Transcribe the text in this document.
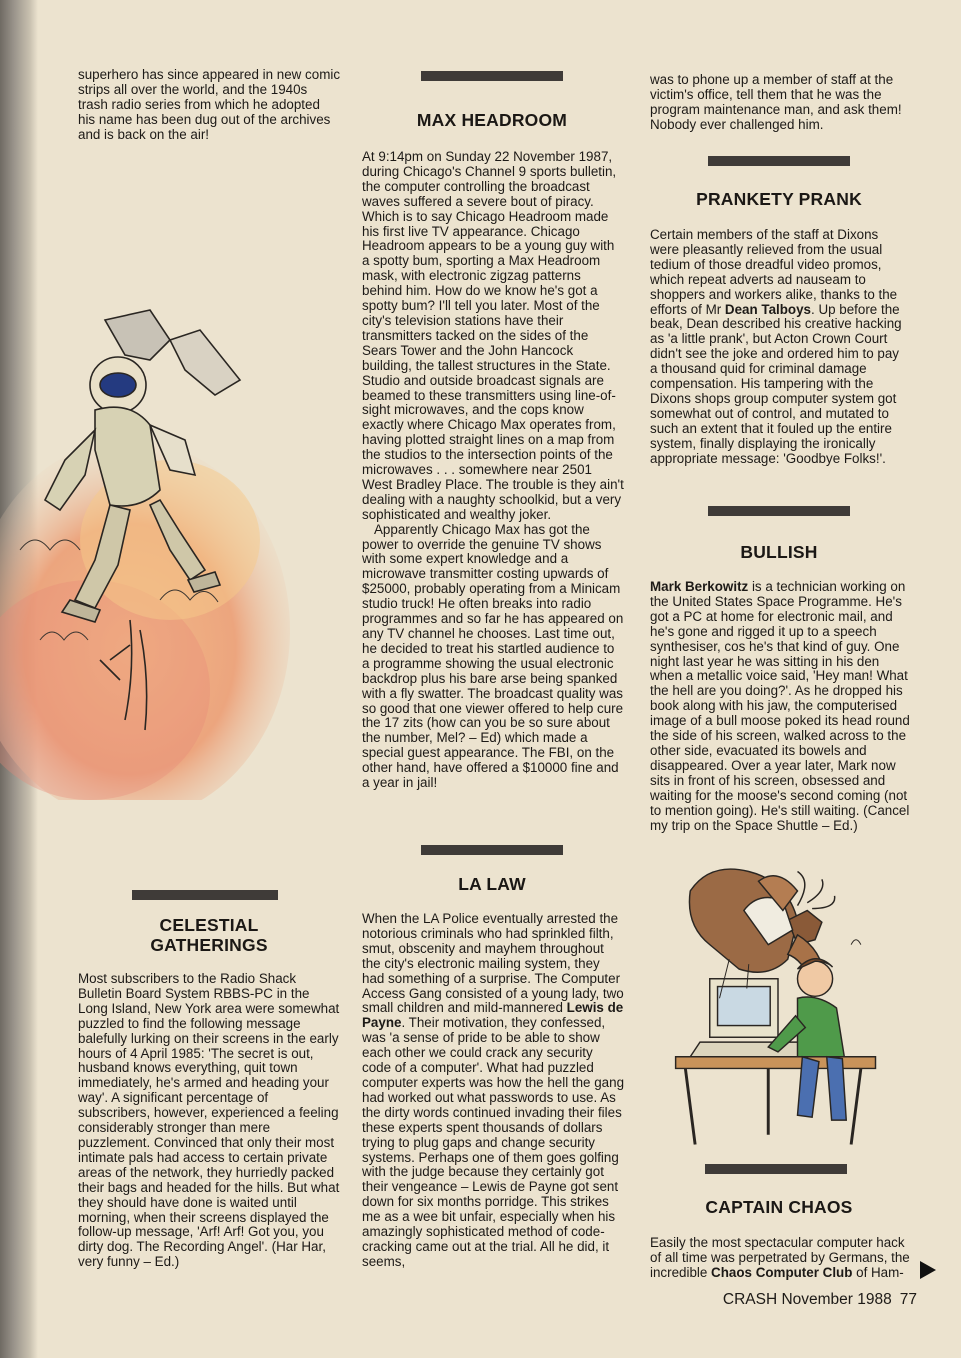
superhero has since appeared in new comic strips all over the world, and the 1940s trash radio series from which he adopted his name has been dug out of the archives and is back on the air!

CELESTIAL
GATHERINGS

Most subscribers to the Radio Shack Bulletin Board System RBBS-PC in the Long Island, New York area were somewhat puzzled to find the following message balefully lurking on their screens in the early hours of 4 April 1985: 'The secret is out, husband knows everything, quit town immediately, he's armed and heading your way'. A significant percentage of subscribers, however, experienced a feeling considerably stronger than mere puzzlement. Convinced that only their most intimate pals had access to certain private areas of the network, they hurriedly packed their bags and headed for the hills. But what they should have done is waited until morning, when their screens displayed the follow-up message, 'Arf! Arf! Got you, you dirty dog. The Recording Angel'. (Har Har, very funny – Ed.)

MAX HEADROOM

At 9:14pm on Sunday 22 November 1987, during Chicago's Channel 9 sports bulletin, the computer controlling the broadcast waves suffered a severe bout of piracy. Which is to say Chicago Headroom made his first live TV appearance. Chicago Headroom appears to be a young guy with a spotty bum, sporting a Max Headroom mask, with electronic zigzag patterns behind him. How do we know he's got a spotty bum? I'll tell you later. Most of the city's television stations have their transmitters tacked on the sides of the Sears Tower and the John Hancock building, the tallest structures in the State. Studio and outside broadcast signals are beamed to these transmitters using line-of-sight microwaves, and the cops know exactly where Chicago Max operates from, having plotted straight lines on a map from the studios to the intersection points of the microwaves . . . somewhere near 2501 West Bradley Place. The trouble is they ain't dealing with a naughty schoolkid, but a very sophisticated and wealthy joker.

Apparently Chicago Max has got the power to override the genuine TV shows with some expert knowledge and a microwave transmitter costing upwards of $25000, probably operating from a Minicam studio truck! He often breaks into radio programmes and so far he has appeared on any TV channel he chooses. Last time out, he decided to treat his startled audience to a programme showing the usual electronic backdrop plus his bare arse being spanked with a fly swatter. The broadcast quality was so good that one viewer offered to help cure the 17 zits (how can you be so sure about the number, Mel? – Ed) which made a special guest appearance. The FBI, on the other hand, have offered a $10000 fine and a year in jail!

LA LAW

When the LA Police eventually arrested the notorious criminals who had sprinkled filth, smut, obscenity and mayhem throughout the city's electronic mailing system, they had something of a surprise. The Computer Access Gang consisted of a young lady, two small children and mild-mannered Lewis de Payne. Their motivation, they confessed, was 'a sense of pride to be able to show each other we could crack any security code of a computer'. What had puzzled computer experts was how the hell the gang had worked out what passwords to use. As the dirty words continued invading their files these experts spent thousands of dollars trying to plug gaps and change security systems. Perhaps one of them goes golfing with the judge because they certainly got their vengeance – Lewis de Payne got sent down for six months porridge. This strikes me as a wee bit unfair, especially when his amazingly sophisticated method of code-cracking came out at the trial. All he did, it seems,

was to phone up a member of staff at the victim's office, tell them that he was the program maintenance man, and ask them! Nobody ever challenged him.

PRANKETY PRANK

Certain members of the staff at Dixons were pleasantly relieved from the usual tedium of those dreadful video promos, which repeat adverts ad nauseam to shoppers and workers alike, thanks to the efforts of Mr Dean Talboys. Up before the beak, Dean described his creative hacking as 'a little prank', but Acton Crown Court didn't see the joke and ordered him to pay a thousand quid for criminal damage compensation. His tampering with the Dixons shops group computer system got somewhat out of control, and mutated to such an extent that it fouled up the entire system, finally displaying the ironically appropriate message: 'Goodbye Folks!'.

BULLISH

Mark Berkowitz is a technician working on the United States Space Programme. He's got a PC at home for electronic mail, and he's gone and rigged it up to a speech synthesiser, cos he's that kind of guy. One night last year he was sitting in his den when a metallic voice said, 'Hey man! What the hell are you doing?'. As he dropped his book along with his jaw, the computerised image of a bull moose poked its head round the side of his screen, walked across to the other side, evacuated its bowels and disappeared. Over a year later, Mark now sits in front of his screen, obsessed and waiting for the moose's second coming (not to mention going). He's still waiting. (Cancel my trip on the Space Shuttle – Ed.)

CAPTAIN CHAOS

Easily the most spectacular computer hack of all time was perpetrated by Germans, the incredible Chaos Computer Club of Ham-

CRASH November 1988 77
